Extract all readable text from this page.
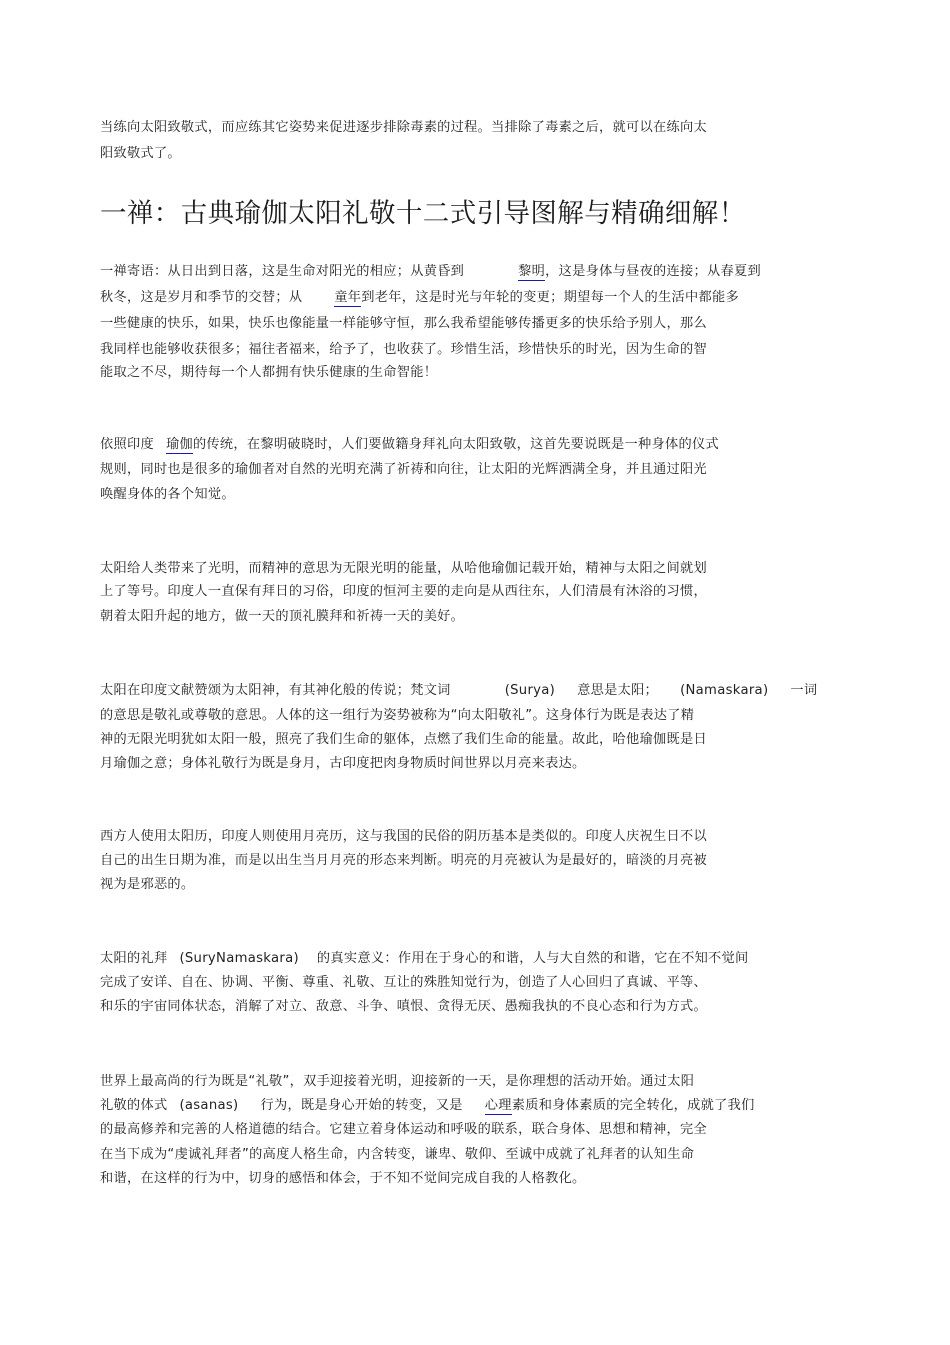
当练向太阳致敬式，而应练其它姿势来促进逐步排除毒素的过程。当排除了毒素之后，就可以在练向太
阳致敬式了。
一禅：古典瑜伽太阳礼敬十二式引导图解与精确细解！
一禅寄语：从日出到日落，这是生命对阳光的相应；从黄昏到	黎明，这是身体与昼夜的连接；从春夏到
秋冬，这是岁月和季节的交替；从 童年到老年，这是时光与年轮的变更；期望每一个人的生活中都能多
一些健康的快乐，如果，快乐也像能量一样能够守恒，那么我希望能够传播更多的快乐给予别人，那么
我同样也能够收获很多；福往者福来，给予了，也收获了。珍惜生活，珍惜快乐的时光，因为生命的智
能取之不尽，期待每一个人都拥有快乐健康的生命智能！
依照印度 瑜伽的传统，在黎明破晓时，人们要做籍身拜礼向太阳致敬，这首先要说既是一种身体的仪式
规则，同时也是很多的瑜伽者对自然的光明充满了祈祷和向往，让太阳的光辉洒满全身，并且通过阳光
唤醒身体的各个知觉。
太阳给人类带来了光明，而精神的意思为无限光明的能量，从哈他瑜伽记载开始，精神与太阳之间就划
上了等号。印度人一直保有拜日的习俗，印度的恒河主要的走向是从西往东，人们清晨有沐浴的习惯，
朝着太阳升起的地方，做一天的顶礼膜拜和祈祷一天的美好。
太阳在印度文献赞颂为太阳神，有其神化般的传说；梵文词	(Surya) 意思是太阳； (Namaskara) 一词
的意思是敬礼或尊敬的意思。人体的这一组行为姿势被称为“向太阳敬礼”。这身体行为既是表达了精
神的无限光明犹如太阳一般，照亮了我们生命的躯体，点燃了我们生命的能量。故此，哈他瑜伽既是日
月瑜伽之意；身体礼敬行为既是身月，古印度把肉身物质时间世界以月亮来表达。
西方人使用太阳历，印度人则使用月亮历，这与我国的民俗的阴历基本是类似的。印度人庆祝生日不以
自己的出生日期为准，而是以出生当月月亮的形态来判断。明亮的月亮被认为是最好的，暗淡的月亮被
视为是邪恶的。
太阳的礼拜 (SuryNamaskara) 的真实意义：作用在于身心的和谐，人与大自然的和谐，它在不知不觉间
完成了安详、自在、协调、平衡、尊重、礼敬、互让的殊胜知觉行为，创造了人心回归了真诚、平等、
和乐的宇宙同体状态，消解了对立、敌意、斗争、嗔恨、贪得无厌、愚痴我执的不良心态和行为方式。
世界上最高尚的行为既是“礼敬”，双手迎接着光明，迎接新的一天，是你理想的活动开始。通过太阳
礼敬的体式 (asanas) 行为，既是身心开始的转变，又是 心理素质和身体素质的完全转化，成就了我们
的最高修养和完善的人格道德的结合。它建立着身体运动和呼吸的联系，联合身体、思想和精神，完全
在当下成为“虔诚礼拜者”的高度人格生命，内含转变，谦卑、敬仰、至诚中成就了礼拜者的认知生命
和谐，在这样的行为中，切身的感悟和体会，于不知不觉间完成自我的人格教化。
